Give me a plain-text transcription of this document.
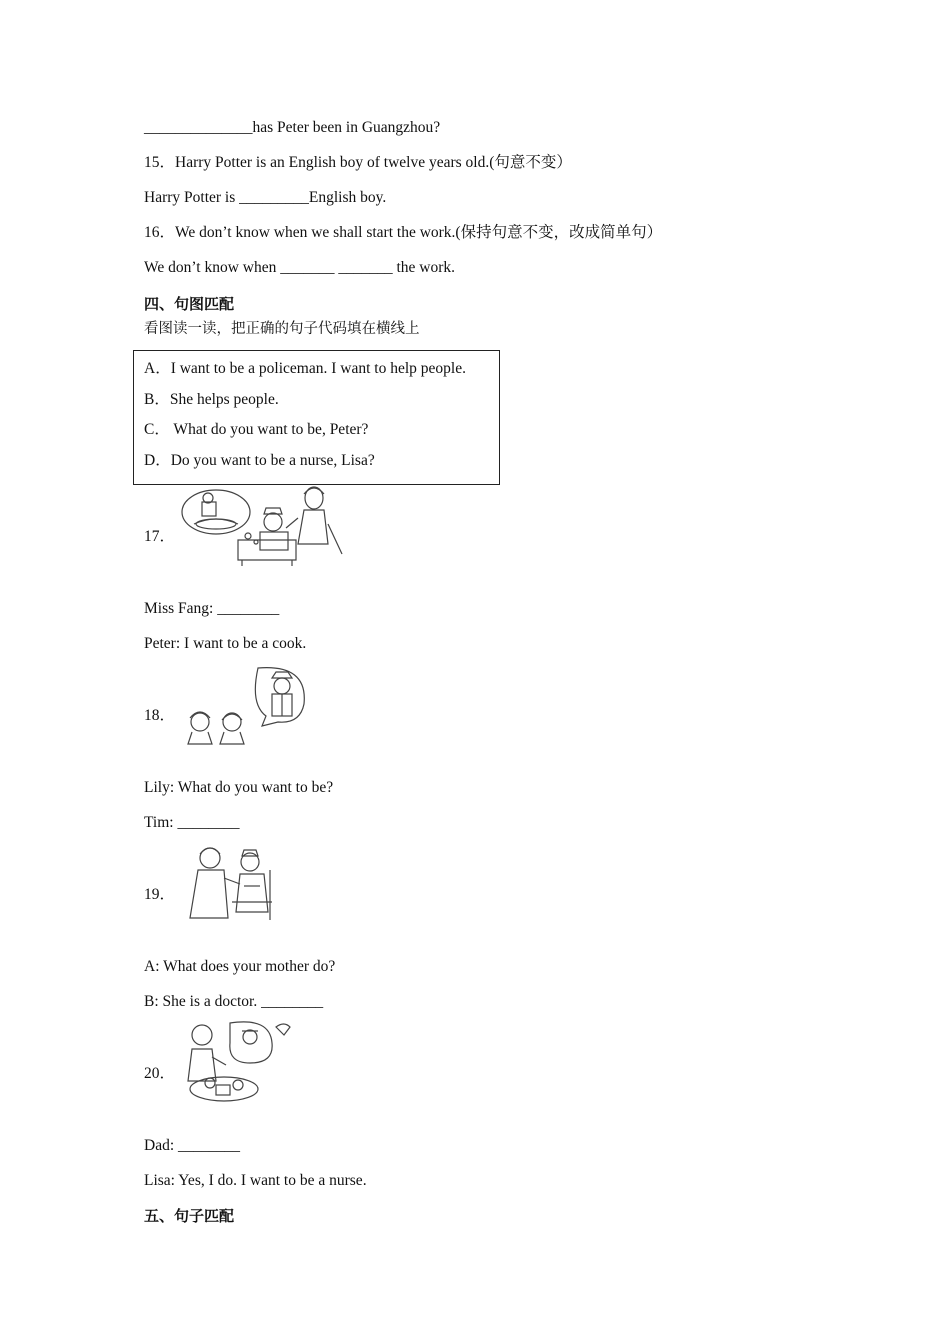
______________has Peter been in Guangzhou?
15．Harry Potter is an English boy of twelve years old.(句意不变）
Harry Potter is _________English boy.
16．We don’t know when we shall start the work.(保持句意不变，改成简单句）
We don’t know when _______ _______ the work.
四、句图匹配
看图读一读，把正确的句子代码填在横线上
A．I want to be a policeman. I want to help people.
B．She helps people.
C． What do you want to be, Peter?
D．Do you want to be a nurse, Lisa?
17．
Miss Fang: ________
Peter: I want to be a cook.
18．
Lily: What do you want to be?
Tim: ________
19．
A: What does your mother do?
B: She is a doctor. ________
20．
Dad: ________
Lisa: Yes, I do. I want to be a nurse.
五、句子匹配
